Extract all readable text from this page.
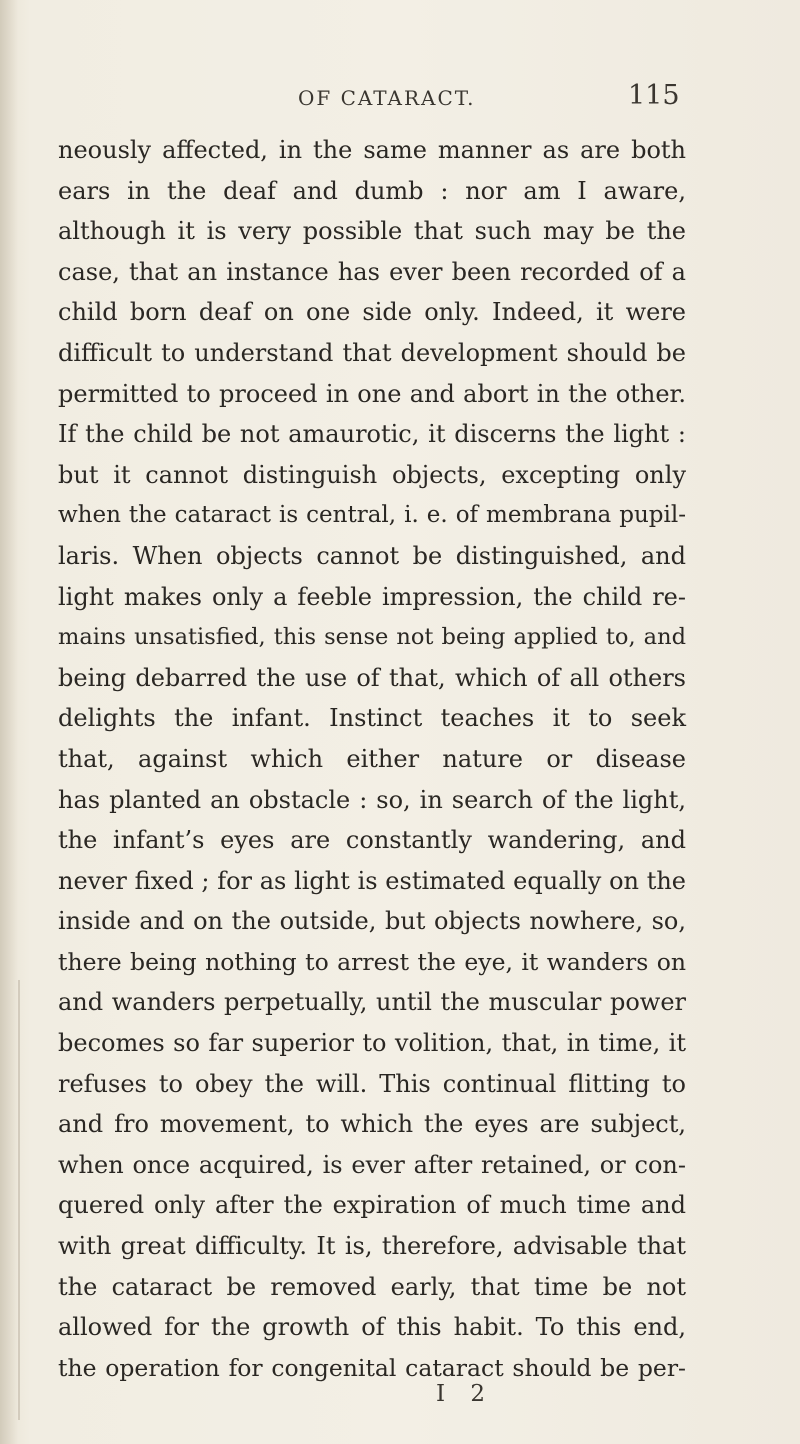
OF CATARACT.	115
neously affected, in the same manner as are both
ears in the deaf and dumb : nor am I aware,
although it is very possible that such may be the
case, that an instance has ever been recorded of a
child born deaf on one side only. Indeed, it were
difficult to understand that development should be
permitted to proceed in one and abort in the other.
If the child be not amaurotic, it discerns the light :
but it cannot distinguish objects, excepting only
when the cataract is central, i. e. of membrana pupil-
laris. When objects cannot be distinguished, and
light makes only a feeble impression, the child re-
mains unsatisfied, this sense not being applied to, and
being debarred the use of that, which of all others
delights the infant. Instinct teaches it to seek
that, against which either nature or disease
has planted an obstacle : so, in search of the light,
the infant’s eyes are constantly wandering, and
never fixed ; for as light is estimated equally on the
inside and on the outside, but objects nowhere, so,
there being nothing to arrest the eye, it wanders on
and wanders perpetually, until the muscular power
becomes so far superior to volition, that, in time, it
refuses to obey the will. This continual flitting to
and fro movement, to which the eyes are subject,
when once acquired, is ever after retained, or con-
quered only after the expiration of much time and
with great difficulty. It is, therefore, advisable that
the cataract be removed early, that time be not
allowed for the growth of this habit. To this end,
the operation for congenital cataract should be per-
I 2
